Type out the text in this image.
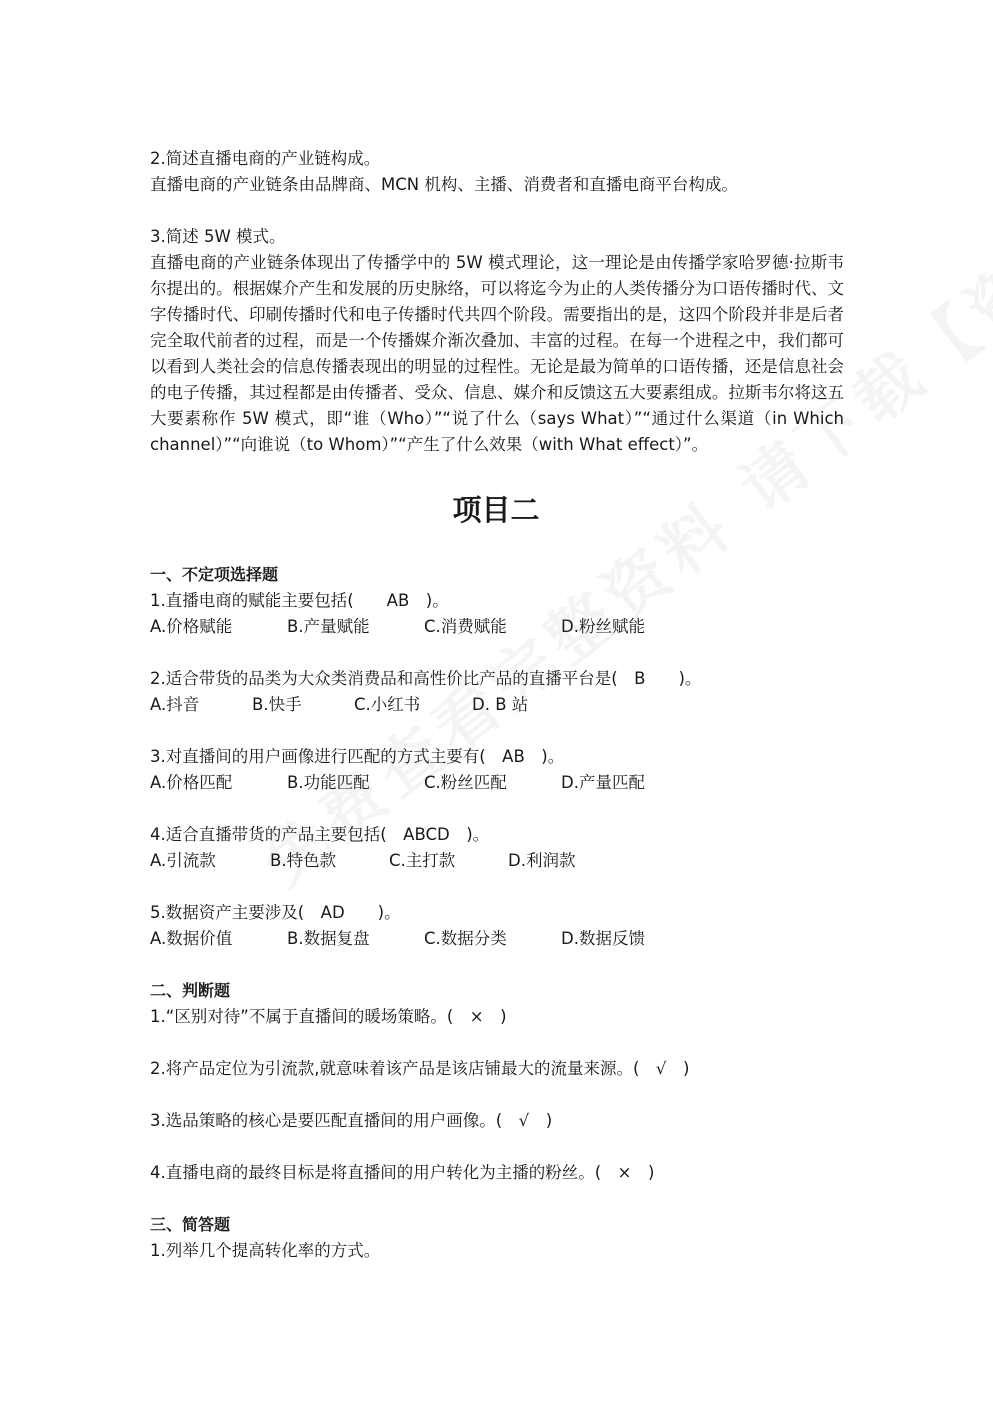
2.简述直播电商的产业链构成。
直播电商的产业链条由品牌商、MCN 机构、主播、消费者和直播电商平台构成。
3.简述 5W 模式。
直播电商的产业链条体现出了传播学中的 5W 模式理论，这一理论是由传播学家哈罗德·拉斯韦尔提出的。根据媒介产生和发展的历史脉络，可以将迄今为止的人类传播分为口语传播时代、文字传播时代、印刷传播时代和电子传播时代共四个阶段。需要指出的是，这四个阶段并非是后者完全取代前者的过程，而是一个传播媒介渐次叠加、丰富的过程。在每一个进程之中，我们都可以看到人类社会的信息传播表现出的明显的过程性。无论是最为简单的口语传播，还是信息社会的电子传播，其过程都是由传播者、受众、信息、媒介和反馈这五大要素组成。拉斯韦尔将这五大要素称作 5W 模式，即“谁（Who）”“说了什么（says What）”“通过什么渠道（in Which channel）”“向谁说（to Whom）”“产生了什么效果（with What effect）”。
项目二
一、不定项选择题
1.直播电商的赋能主要包括(　　AB　)。
A.价格赋能	B.产量赋能	C.消费赋能	D.粉丝赋能
2.适合带货的品类为大众类消费品和高性价比产品的直播平台是(　B　　)。
A.抖音	B.快手	C.小红书	D. B 站
3.对直播间的用户画像进行匹配的方式主要有(　AB　)。
A.价格匹配	B.功能匹配	C.粉丝匹配	D.产量匹配
4.适合直播带货的产品主要包括(　ABCD　)。
A.引流款	B.特色款	C.主打款	D.利润款
5.数据资产主要涉及(　AD　　)。
A.数据价值	B.数据复盘	C.数据分类	D.数据反馈
二、判断题
1.“区别对待”不属于直播间的暖场策略。(　×　)
2.将产品定位为引流款,就意味着该产品是该店铺最大的流量来源。(　√　)
3.选品策略的核心是要匹配直播间的用户画像。(　√　)
4.直播电商的最终目标是将直播间的用户转化为主播的粉丝。(　×　)
三、简答题
1.列举几个提高转化率的方式。
